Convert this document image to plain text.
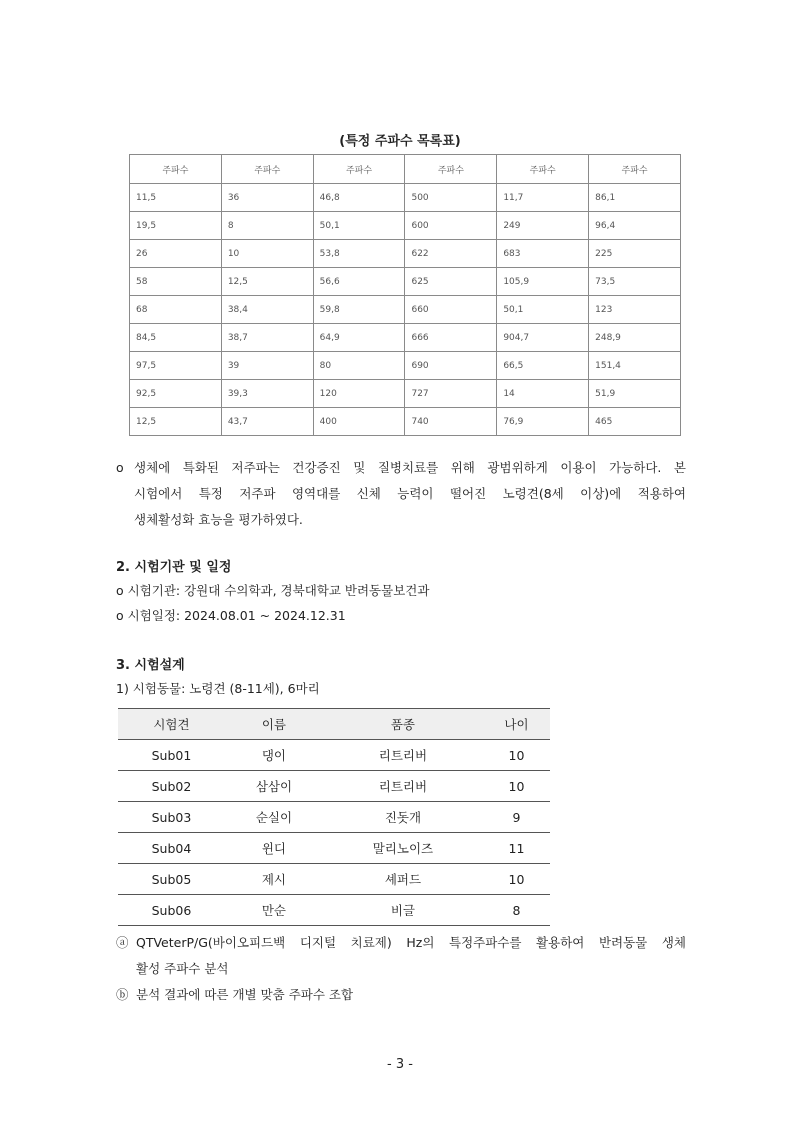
(특정 주파수 목록표)
주파수	주파수	주파수	주파수	주파수	주파수
11,5	36	46,8	500	11,7	86,1
19,5	8	50,1	600	249	96,4
26	10	53,8	622	683	225
58	12,5	56,6	625	105,9	73,5
68	38,4	59,8	660	50,1	123
84,5	38,7	64,9	666	904,7	248,9
97,5	39	80	690	66,5	151,4
92,5	39,3	120	727	14	51,9
12,5	43,7	400	740	76,9	465
o 생체에 특화된 저주파는 건강증진 및 질병치료를 위해 광범위하게 이용이 가능하다. 본
시험에서 특정 저주파 영역대를 신체 능력이 떨어진 노령견(8세 이상)에 적용하여
생체활성화 효능을 평가하였다.
2. 시험기관 및 일정
o 시험기관: 강원대 수의학과, 경북대학교 반려동물보건과
o 시험일정: 2024.08.01 ~ 2024.12.31
3. 시험설계
1) 시험동물: 노령견 (8-11세), 6마리
시험견	이름	품종	나이
Sub01	댕이	리트리버	10
Sub02	삼삼이	리트리버	10
Sub03	순실이	진돗개	9
Sub04	윈디	말리노이즈	11
Sub05	제시	셰퍼드	10
Sub06	만순	비글	8
ⓐ QTVeterP/G(바이오피드백 디지털 치료제) Hz의 특정주파수를 활용하여 반려동물 생체
활성 주파수 분석
ⓑ 분석 결과에 따른 개별 맞춤 주파수 조합
- 3 -
